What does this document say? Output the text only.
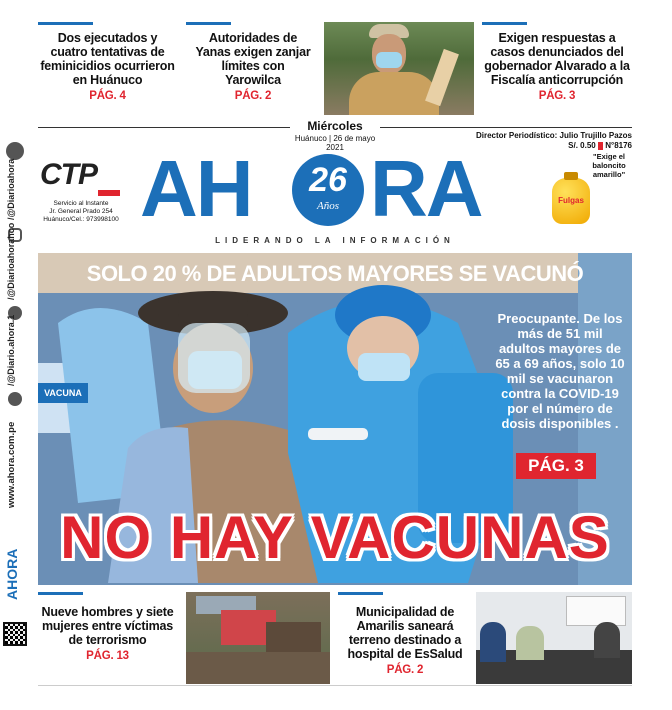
Dos ejecutados y cuatro tentativas de feminicidios ocurrieron en Huánuco
PÁG. 4
Autoridades de Yanas exigen zanjar límites con Yarowilca
PÁG. 2
Exigen respuestas a casos denunciados del gobernador Alvarado a la Fiscalía anticorrupción
PÁG. 3
Miércoles
Huánuco | 26 de mayo 2021
Director Periodístico: Julio Trujillo Pazos
S/. 0.50 N°8176
CTP
Servicio al Instante
Jr. General Prado 254
Huánuco/Cel.: 973998100 AH	26
Años RA
LIDERANDO LA INFORMACIÓN
"Exige el baloncito amarillo"
Fulgas
/@Diarioahora
/@Diarioahorahco
/@Diario.ahora.1
www.ahora.com.pe
AHORA
SOLO 20 % DE ADULTOS MAYORES SE VACUNÓ
VACUNA
Preocupante. De los más de 51 mil adultos mayores de 65 a 69 años, solo 10 mil se vacunaron contra la COVID-19 por el número de dosis disponibles .
PÁG. 3
NO HAY VACUNAS
Nueve hombres y siete mujeres entre víctimas de terrorismo
PÁG. 13
Municipalidad de Amarilis saneará terreno destinado a hospital de EsSalud
PÁG. 2
